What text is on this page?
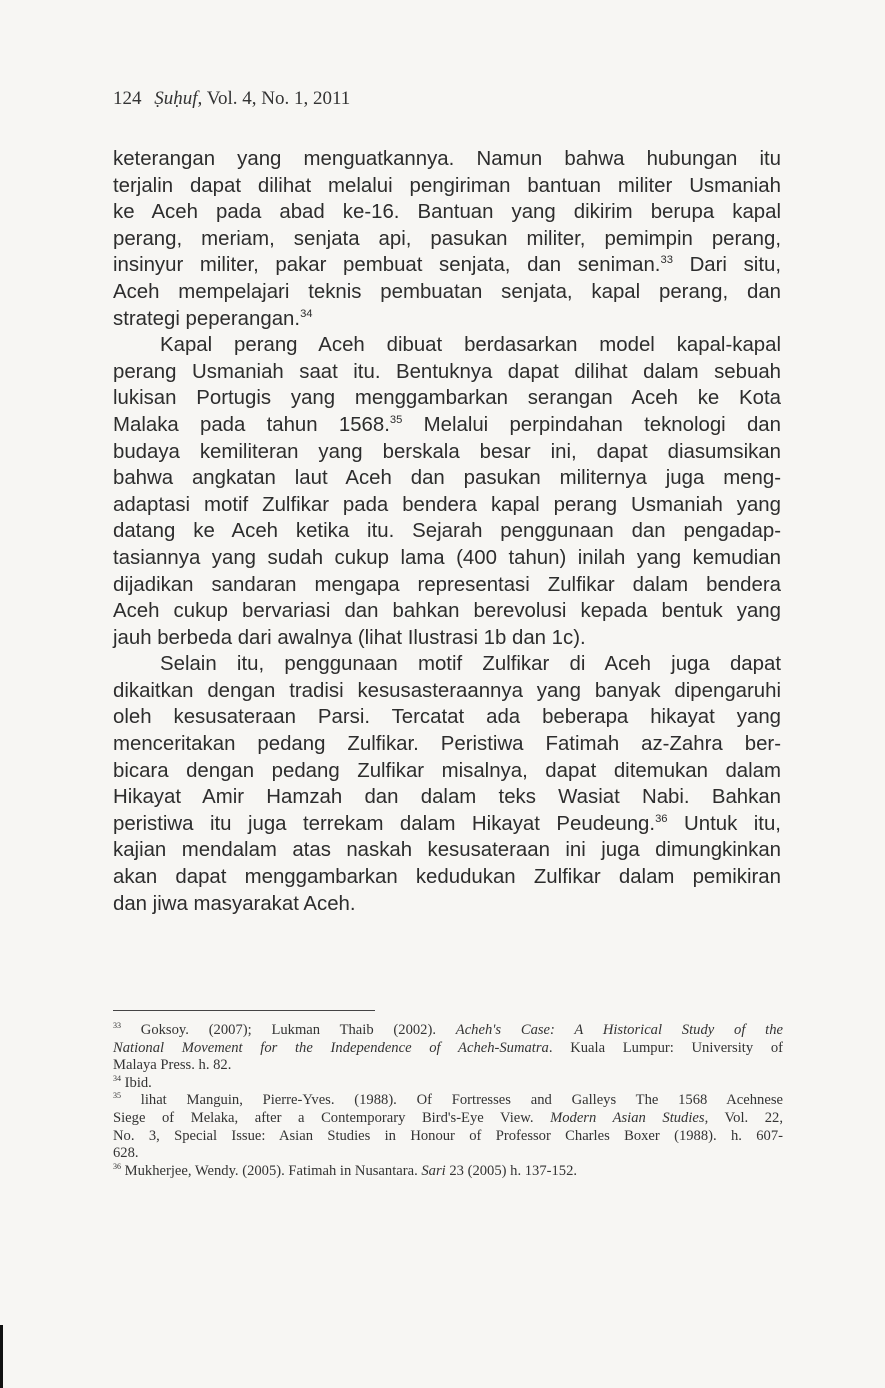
124 Ṣuḥuf, Vol. 4, No. 1, 2011
keterangan yang menguatkannya. Namun bahwa hubungan itu
terjalin dapat dilihat melalui pengiriman bantuan militer Usmaniah
ke Aceh pada abad ke-16. Bantuan yang dikirim berupa kapal
perang, meriam, senjata api, pasukan militer, pemimpin perang,
insinyur militer, pakar pembuat senjata, dan seniman.$^{33}$ Dari situ,
Aceh mempelajari teknis pembuatan senjata, kapal perang, dan
strategi peperangan.$^{34}$
Kapal perang Aceh dibuat berdasarkan model kapal-kapal
perang Usmaniah saat itu. Bentuknya dapat dilihat dalam sebuah
lukisan Portugis yang menggambarkan serangan Aceh ke Kota
Malaka pada tahun 1568.35 Melalui perpindahan teknologi dan
budaya kemiliteran yang berskala besar ini, dapat diasumsikan
bahwa angkatan laut Aceh dan pasukan militernya juga meng-
adaptasi motif Zulfikar pada bendera kapal perang Usmaniah yang
datang ke Aceh ketika itu. Sejarah penggunaan dan pengadap-
tasiannya yang sudah cukup lama (400 tahun) inilah yang kemudian
dijadikan sandaran mengapa representasi Zulfikar dalam bendera
Aceh cukup bervariasi dan bahkan berevolusi kepada bentuk yang
jauh berbeda dari awalnya (lihat Ilustrasi 1b dan 1c).
Selain itu, penggunaan motif Zulfikar di Aceh juga dapat
dikaitkan dengan tradisi kesusasteraannya yang banyak dipengaruhi
oleh kesusateraan Parsi. Tercatat ada beberapa hikayat yang
menceritakan pedang Zulfikar. Peristiwa Fatimah az-Zahra ber-
bicara dengan pedang Zulfikar misalnya, dapat ditemukan dalam
Hikayat Amir Hamzah dan dalam teks Wasiat Nabi. Bahkan
peristiwa itu juga terrekam dalam Hikayat Peudeung.$^{36}$ Untuk itu,
kajian mendalam atas naskah kesusateraan ini juga dimungkinkan
akan dapat menggambarkan kedudukan Zulfikar dalam pemikiran
dan jiwa masyarakat Aceh.
$^{33}$ Goksoy. (2007); Lukman Thaib (2002). Acheh's Case: A Historical Study of the
National Movement for the Independence of Acheh-Sumatra. Kuala Lumpur: University of
Malaya Press. h. 82.
$^{34}$ Ibid.
$^{35}$ lihat Manguin, Pierre-Yves. (1988). Of Fortresses and Galleys The 1568 Acehnese
Siege of Melaka, after a Contemporary Bird's-Eye View. Modern Asian Studies, Vol. 22,
No. 3, Special Issue: Asian Studies in Honour of Professor Charles Boxer (1988). h. 607-
628.
$^{36}$ Mukherjee, Wendy. (2005). Fatimah in Nusantara. Sari 23 (2005) h. 137-152.
